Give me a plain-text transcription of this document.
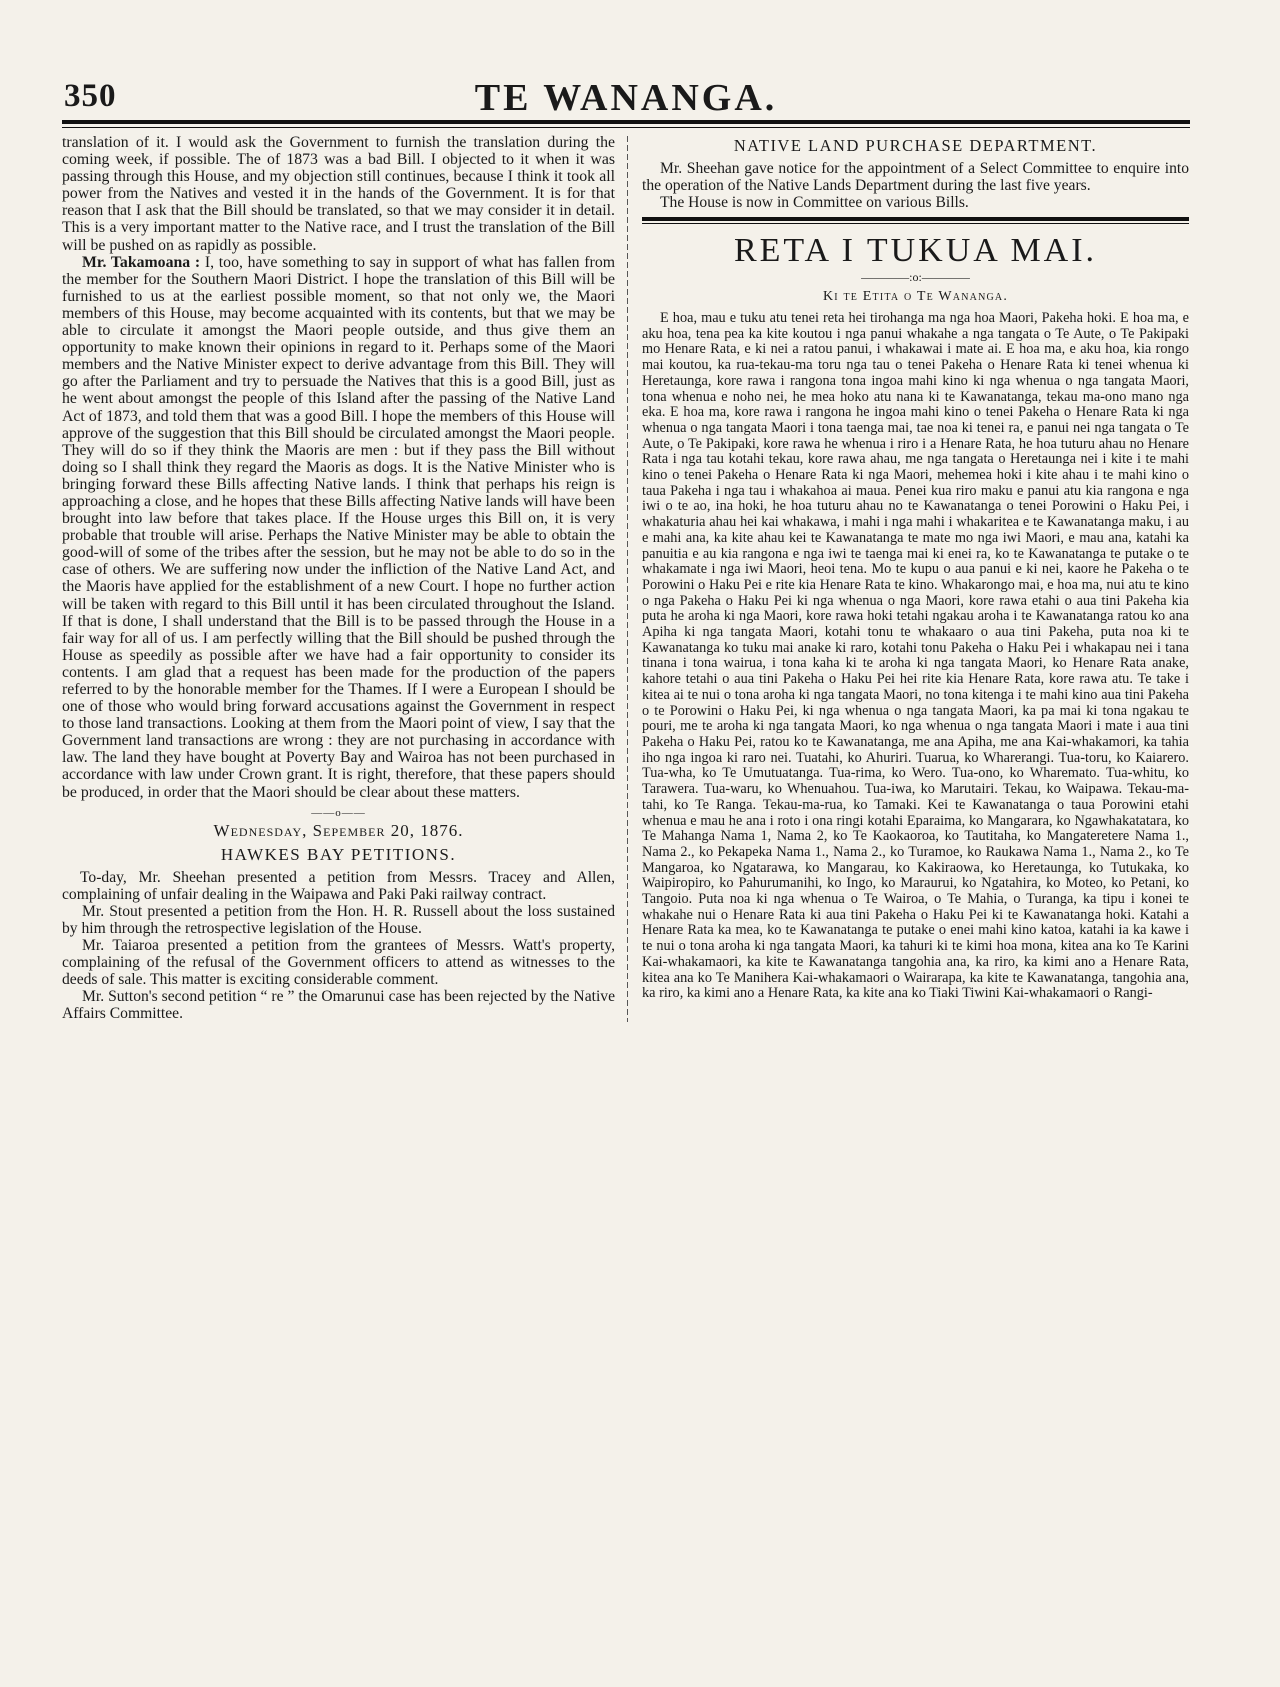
350	TE WANANGA.

translation of it. I would ask the Government to furnish the translation during the coming week, if possible. The of 1873 was a bad Bill. I objected to it when it was passing through this House, and my objection still continues, because I think it took all power from the Natives and vested it in the hands of the Government. It is for that reason that I ask that the Bill should be translated, so that we may consider it in detail. This is a very important matter to the Native race, and I trust the translation of the Bill will be pushed on as rapidly as possible.

Mr. Takamoana : I, too, have something to say in support of what has fallen from the member for the Southern Maori District. I hope the translation of this Bill will be furnished to us at the earliest possible moment, so that not only we, the Maori members of this House, may become acquainted with its contents, but that we may be able to circulate it amongst the Maori people outside, and thus give them an opportunity to make known their opinions in regard to it. Perhaps some of the Maori members and the Native Minister expect to derive advantage from this Bill. They will go after the Parliament and try to persuade the Natives that this is a good Bill, just as he went about amongst the people of this Island after the passing of the Native Land Act of 1873, and told them that was a good Bill. I hope the members of this House will approve of the suggestion that this Bill should be circulated amongst the Maori people. They will do so if they think the Maoris are men : but if they pass the Bill without doing so I shall think they regard the Maoris as dogs. It is the Native Minister who is bringing forward these Bills affecting Native lands. I think that perhaps his reign is approaching a close, and he hopes that these Bills affecting Native lands will have been brought into law before that takes place. If the House urges this Bill on, it is very probable that trouble will arise. Perhaps the Native Minister may be able to obtain the good-will of some of the tribes after the session, but he may not be able to do so in the case of others. We are suffering now under the infliction of the Native Land Act, and the Maoris have applied for the establishment of a new Court. I hope no further action will be taken with regard to this Bill until it has been circulated throughout the Island. If that is done, I shall understand that the Bill is to be passed through the House in a fair way for all of us. I am perfectly willing that the Bill should be pushed through the House as speedily as possible after we have had a fair opportunity to consider its contents. I am glad that a request has been made for the production of the papers referred to by the honorable member for the Thames. If I were a European I should be one of those who would bring forward accusations against the Government in respect to those land transactions. Looking at them from the Maori point of view, I say that the Government land transactions are wrong : they are not purchasing in accordance with law. The land they have bought at Poverty Bay and Wairoa has not been purchased in accordance with law under Crown grant. It is right, therefore, that these papers should be produced, in order that the Maori should be clear about these matters.

——o——
Wednesday, Sepember 20, 1876.
HAWKES BAY PETITIONS.

To-day, Mr. Sheehan presented a petition from Messrs. Tracey and Allen, complaining of unfair dealing in the Waipawa and Paki Paki railway contract.

Mr. Stout presented a petition from the Hon. H. R. Russell about the loss sustained by him through the retrospective legislation of the House.

Mr. Taiaroa presented a petition from the grantees of Messrs. Watt's property, complaining of the refusal of the Government officers to attend as witnesses to the deeds of sale. This matter is exciting considerable comment.

Mr. Sutton's second petition “ re ” the Omarunui case has been rejected by the Native Affairs Committee.

NATIVE LAND PURCHASE DEPARTMENT.

Mr. Sheehan gave notice for the appointment of a Select Committee to enquire into the operation of the Native Lands Department during the last five years.

The House is now in Committee on various Bills.

RETA I TUKUA MAI.
————:o:————
Ki te Etita o Te Wananga.

E hoa, mau e tuku atu tenei reta hei tirohanga ma nga hoa Maori, Pakeha hoki. E hoa ma, e aku hoa, tena pea ka kite koutou i nga panui whakahe a nga tangata o Te Aute, o Te Pakipaki mo Henare Rata, e ki nei a ratou panui, i whakawai i mate ai. E hoa ma, e aku hoa, kia rongo mai koutou, ka rua-tekau-ma toru nga tau o tenei Pakeha o Henare Rata ki tenei whenua ki Heretaunga, kore rawa i rangona tona ingoa mahi kino ki nga whenua o nga tangata Maori, tona whenua e noho nei, he mea hoko atu nana ki te Kawanatanga, tekau ma-ono mano nga eka. E hoa ma, kore rawa i rangona he ingoa mahi kino o tenei Pakeha o Henare Rata ki nga whenua o nga tangata Maori i tona taenga mai, tae noa ki tenei ra, e panui nei nga tangata o Te Aute, o Te Pakipaki, kore rawa he whenua i riro i a Henare Rata, he hoa tuturu ahau no Henare Rata i nga tau kotahi tekau, kore rawa ahau, me nga tangata o Heretaunga nei i kite i te mahi kino o tenei Pakeha o Henare Rata ki nga Maori, mehemea hoki i kite ahau i te mahi kino o taua Pakeha i nga tau i whakahoa ai maua. Penei kua riro maku e panui atu kia rangona e nga iwi o te ao, ina hoki, he hoa tuturu ahau no te Kawanatanga o tenei Porowini o Haku Pei, i whakaturia ahau hei kai whakawa, i mahi i nga mahi i whakaritea e te Kawanatanga maku, i au e mahi ana, ka kite ahau kei te Kawanatanga te mate mo nga iwi Maori, e mau ana, katahi ka panuitia e au kia rangona e nga iwi te taenga mai ki enei ra, ko te Kawanatanga te putake o te whakamate i nga iwi Maori, heoi tena. Mo te kupu o aua panui e ki nei, kaore he Pakeha o te Porowini o Haku Pei e rite kia Henare Rata te kino. Whakarongo mai, e hoa ma, nui atu te kino o nga Pakeha o Haku Pei ki nga whenua o nga Maori, kore rawa etahi o aua tini Pakeha kia puta he aroha ki nga Maori, kore rawa hoki tetahi ngakau aroha i te Kawanatanga ratou ko ana Apiha ki nga tangata Maori, kotahi tonu te whakaaro o aua tini Pakeha, puta noa ki te Kawanatanga ko tuku mai anake ki raro, kotahi tonu Pakeha o Haku Pei i whakapau nei i tana tinana i tona wairua, i tona kaha ki te aroha ki nga tangata Maori, ko Henare Rata anake, kahore tetahi o aua tini Pakeha o Haku Pei hei rite kia Henare Rata, kore rawa atu. Te take i kitea ai te nui o tona aroha ki nga tangata Maori, no tona kitenga i te mahi kino aua tini Pakeha o te Porowini o Haku Pei, ki nga whenua o nga tangata Maori, ka pa mai ki tona ngakau te pouri, me te aroha ki nga tangata Maori, ko nga whenua o nga tangata Maori i mate i aua tini Pakeha o Haku Pei, ratou ko te Kawanatanga, me ana Apiha, me ana Kai-whakamori, ka tahia iho nga ingoa ki raro nei. Tuatahi, ko Ahuriri. Tuarua, ko Wharerangi. Tua-toru, ko Kaiarero. Tua-wha, ko Te Umutuatanga. Tua-rima, ko Wero. Tua-ono, ko Wharemato. Tua-whitu, ko Tarawera. Tua-waru, ko Whenuahou. Tua-iwa, ko Marutairi. Tekau, ko Waipawa. Tekau-ma-tahi, ko Te Ranga. Tekau-ma-rua, ko Tamaki. Kei te Kawanatanga o taua Porowini etahi whenua e mau he ana i roto i ona ringi kotahi Eparaima, ko Mangarara, ko Ngawhakatatara, ko Te Mahanga Nama 1, Nama 2, ko Te Kaokaoroa, ko Tautitaha, ko Mangateretere Nama 1., Nama 2., ko Pekapeka Nama 1., Nama 2., ko Turamoe, ko Raukawa Nama 1., Nama 2., ko Te Mangaroa, ko Ngatarawa, ko Mangarau, ko Kakiraowa, ko Heretaunga, ko Tutukaka, ko Waipiropiro, ko Pahurumanihi, ko Ingo, ko Maraurui, ko Ngatahira, ko Moteo, ko Petani, ko Tangoio. Puta noa ki nga whenua o Te Wairoa, o Te Mahia, o Turanga, ka tipu i konei te whakahe nui o Henare Rata ki aua tini Pakeha o Haku Pei ki te Kawanatanga hoki. Katahi a Henare Rata ka mea, ko te Kawanatanga te putake o enei mahi kino katoa, katahi ia ka kawe i te nui o tona aroha ki nga tangata Maori, ka tahuri ki te kimi hoa mona, kitea ana ko Te Karini Kai-whakamaori, ka kite te Kawanatanga tangohia ana, ka riro, ka kimi ano a Henare Rata, kitea ana ko Te Manihera Kai-whakamaori o Wairarapa, ka kite te Kawanatanga, tangohia ana, ka riro, ka kimi ano a Henare Rata, ka kite ana ko Tiaki Tiwini Kai-whakamaori o Rangi-
